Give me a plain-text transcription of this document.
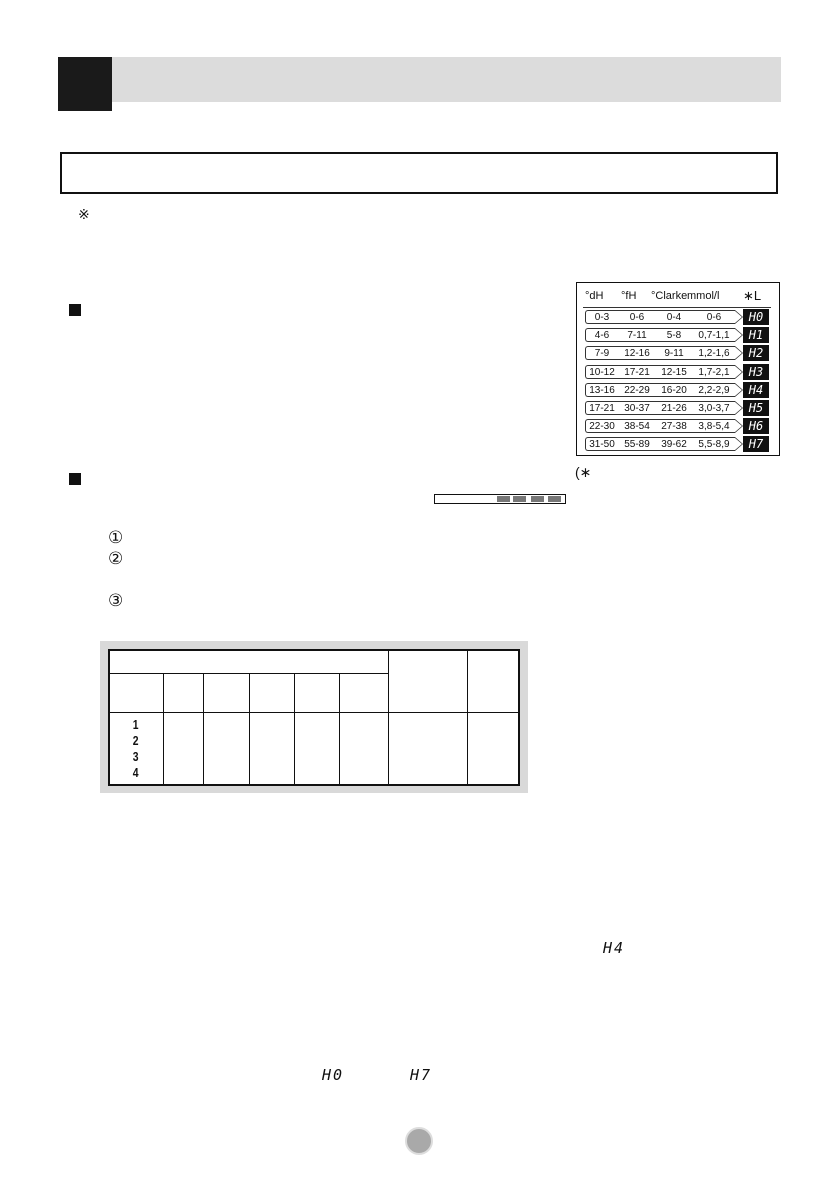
※
°dH °fH °Clarke mmol/l ∗L
0-3	0-6	0-4	0-6	H0
4-6	7-11	5-8	0,7-1,1	H1
7-9	12-16	9-11	1,2-1,6	H2
10-12 17-21	12-15	1,7-2,1	H3
13-16 22-29	16-20	2,2-2,9	H4
17-21 30-37	21-26	3,0-3,7	H5
22-30 38-54	27-38	3,8-5,4	H6
31-50 55-89	39-62	5,5-8,9	H7
(∗
①
②
③
1
2
3
4
H4
H0	H7
